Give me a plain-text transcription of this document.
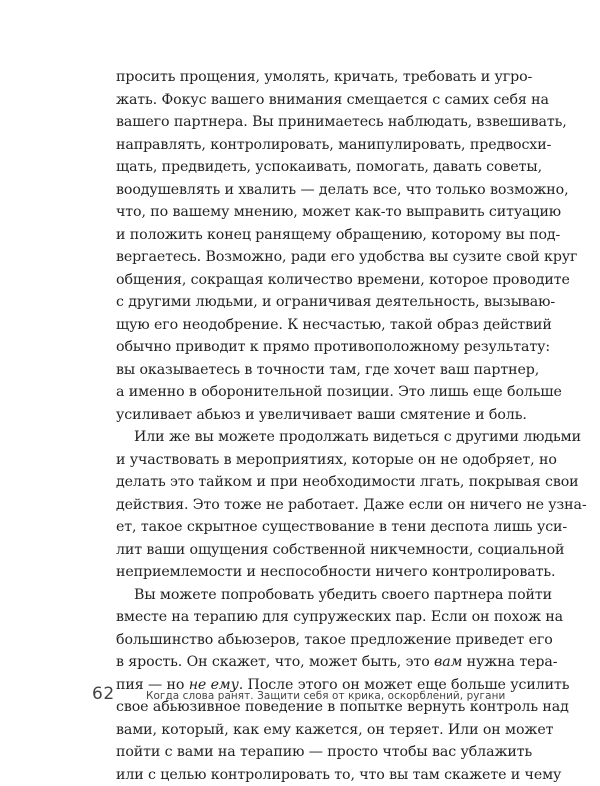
просить прощения, умолять, кричать, требовать и угро-
жать. Фокус вашего внимания смещается с самих себя на
вашего партнера. Вы принимаетесь наблюдать, взвешивать,
направлять, контролировать, манипулировать, предвосхи-
щать, предвидеть, успокаивать, помогать, давать советы,
воодушевлять и хвалить — делать все, что только возможно,
что, по вашему мнению, может как-то выправить ситуацию
и положить конец ранящему обращению, которому вы под-
вергаетесь. Возможно, ради его удобства вы сузите свой круг
общения, сокращая количество времени, которое проводите
с другими людьми, и ограничивая деятельность, вызываю-
щую его неодобрение. К несчастью, такой образ действий
обычно приводит к прямо противоположному результату:
вы оказываетесь в точности там, где хочет ваш партнер,
а именно в оборонительной позиции. Это лишь еще больше
усиливает абьюз и увеличивает ваши смятение и боль.
Или же вы можете продолжать видеться с другими людьми
и участвовать в мероприятиях, которые он не одобряет, но
делать это тайком и при необходимости лгать, покрывая свои
действия. Это тоже не работает. Даже если он ничего не узна-
ет, такое скрытное существование в тени деспота лишь уси-
лит ваши ощущения собственной никчемности, социальной
неприемлемости и неспособности ничего контролировать.
Вы можете попробовать убедить своего партнера пойти
вместе на терапию для супружеских пар. Если он похож на
большинство абьюзеров, такое предложение приведет его
в ярость. Он скажет, что, может быть, это вам нужна тера-
пия — но не ему. После этого он может еще больше усилить
свое абьюзивное поведение в попытке вернуть контроль над
вами, который, как ему кажется, он теряет. Или он может
пойти с вами на терапию — просто чтобы вас ублажить
или с целью контролировать то, что вы там скажете и чему
62	Когда слова ранят. Защити себя от крика, оскорблений, ругани
